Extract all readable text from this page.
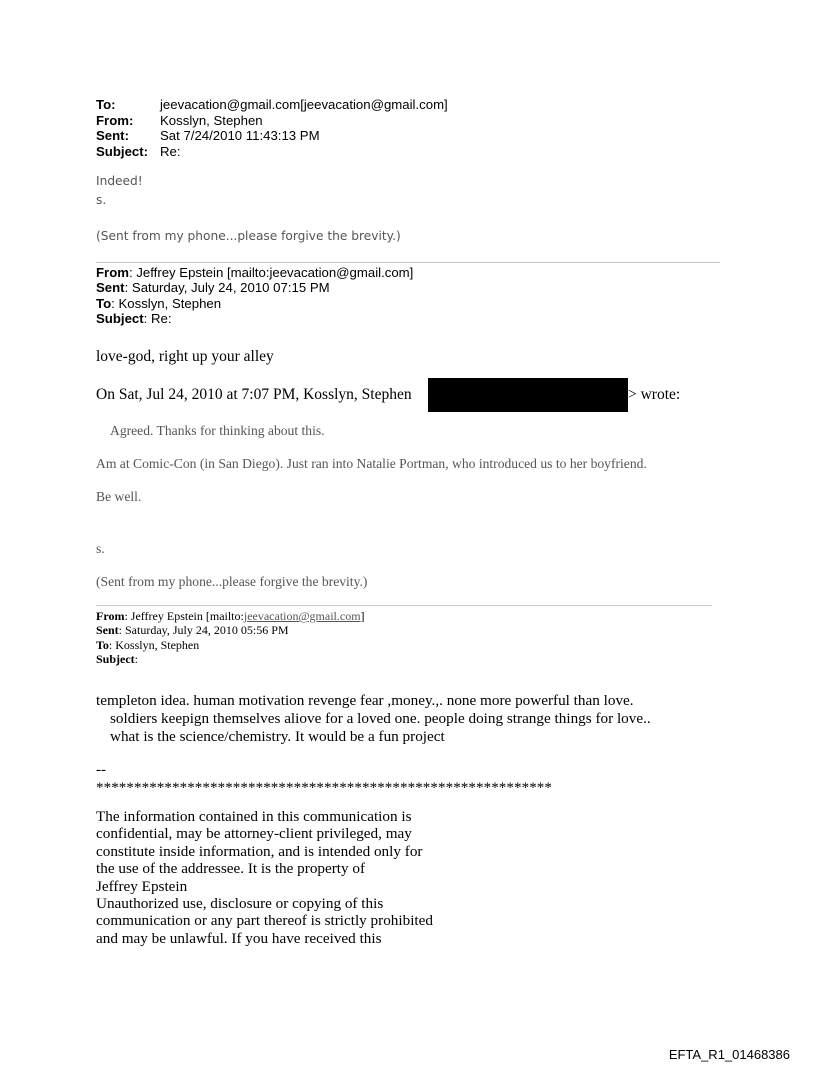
To:	jeevacation@gmail.com[jeevacation@gmail.com]
From:	Kosslyn, Stephen
Sent:	Sat 7/24/2010 11:43:13 PM
Subject: Re:
Indeed!
s.
(Sent from my phone...please forgive the brevity.)
From: Jeffrey Epstein [mailto:jeevacation@gmail.com]
Sent: Saturday, July 24, 2010 07:15 PM
To: Kosslyn, Stephen
Subject: Re:
love-god, right up your alley
On Sat, Jul 24, 2010 at 7:07 PM, Kosslyn, Stephen	> wrote:
Agreed. Thanks for thinking about this.
Am at Comic-Con (in San Diego). Just ran into Natalie Portman, who introduced us to her boyfriend.
Be well.
s.
(Sent from my phone...please forgive the brevity.)
From: Jeffrey Epstein [mailto:jeevacation@gmail.com]
Sent: Saturday, July 24, 2010 05:56 PM
To: Kosslyn, Stephen
Subject:
templeton idea. human motivation revenge fear ,money.,. none more powerful than love.
soldiers keepign themselves aliove for a loved one. people doing strange things for love..
what is the science/chemistry. It would be a fun project
--
************************************************************
The information contained in this communication is
confidential, may be attorney-client privileged, may
constitute inside information, and is intended only for
the use of the addressee. It is the property of
Jeffrey Epstein
Unauthorized use, disclosure or copying of this
communication or any part thereof is strictly prohibited
and may be unlawful. If you have received this
EFTA_R1_01468386
